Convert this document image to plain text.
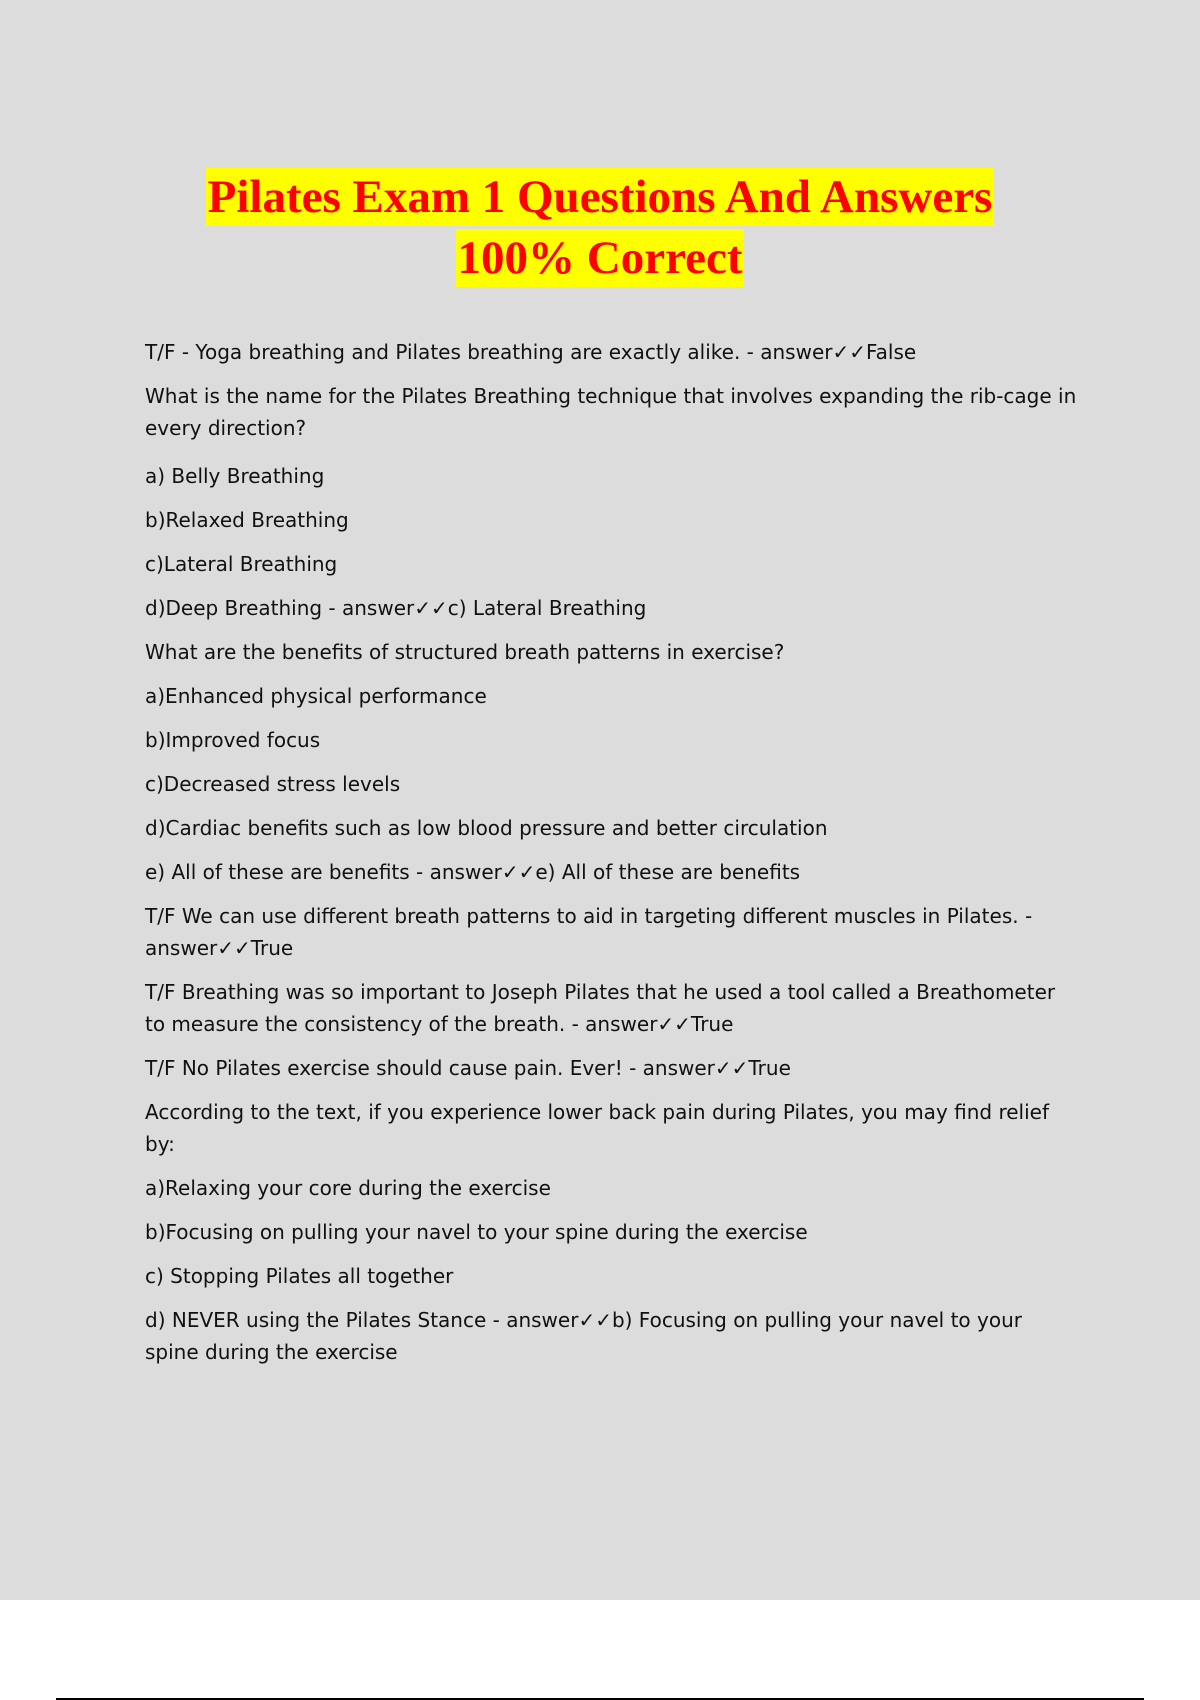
Pilates Exam 1 Questions And Answers
100% Correct
T/F - Yoga breathing and Pilates breathing are exactly alike. - answer✓✓False
What is the name for the Pilates Breathing technique that involves expanding the rib-cage in every direction?
a) Belly Breathing
b)Relaxed Breathing
c)Lateral Breathing
d)Deep Breathing - answer✓✓c) Lateral Breathing
What are the benefits of structured breath patterns in exercise?
a)Enhanced physical performance
b)Improved focus
c)Decreased stress levels
d)Cardiac benefits such as low blood pressure and better circulation
e) All of these are benefits - answer✓✓e) All of these are benefits
T/F We can use different breath patterns to aid in targeting different muscles in Pilates. - answer✓✓True
T/F Breathing was so important to Joseph Pilates that he used a tool called a Breathometer to measure the consistency of the breath. - answer✓✓True
T/F No Pilates exercise should cause pain. Ever! - answer✓✓True
According to the text, if you experience lower back pain during Pilates, you may find relief by:
a)Relaxing your core during the exercise
b)Focusing on pulling your navel to your spine during the exercise
c) Stopping Pilates all together
d) NEVER using the Pilates Stance - answer✓✓b) Focusing on pulling your navel to your spine during the exercise
